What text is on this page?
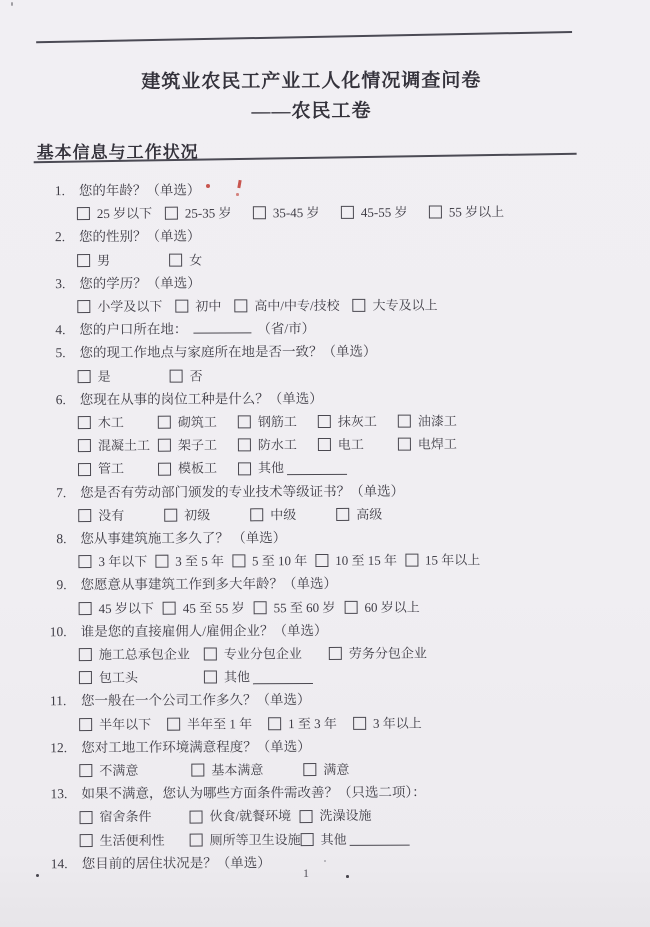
建筑业农民工产业工人化情况调查问卷
——农民工卷
基本信息与工作状况
1. 您的年龄？（单选）
25 岁以下	25-35 岁	35-45 岁	45-55 岁	55 岁以上
2. 您的性别？（单选）
男	女
3. 您的学历？（单选）
小学及以下	初中	高中/中专/技校	大专及以上
4. 您的户口所在地：	（省/市）
5. 您的现工作地点与家庭所在地是否一致？（单选）
是	否
6. 您现在从事的岗位工种是什么？（单选）
木工	砌筑工	钢筋工	抹灰工	油漆工
混凝土工 架子工	防水工	电工	电焊工
管工	模板工	其他
7. 您是否有劳动部门颁发的专业技术等级证书？（单选）
没有	初级	中级	高级
8. 您从事建筑施工多久了？ （单选）
3 年以下 3 至 5 年 5 至 10 年 10 至 15 年 15 年以上
9. 您愿意从事建筑工作到多大年龄？（单选）
45 岁以下 45 至 55 岁 55 至 60 岁 60 岁以上
10. 谁是您的直接雇佣人/雇佣企业？（单选）
施工总承包企业	专业分包企业	劳务分包企业
包工头	其他
11. 您一般在一个公司工作多久？（单选）
半年以下	半年至 1 年	1 至 3 年	3 年以上
12. 您对工地工作环境满意程度？（单选）
不满意	基本满意	满意
13. 如果不满意，您认为哪些方面条件需改善？（只选二项）：
宿舍条件	伙食/就餐环境 洗澡设施
生活便利性	厕所等卫生设施 其他
14. 您目前的居住状况是？（单选）
1
